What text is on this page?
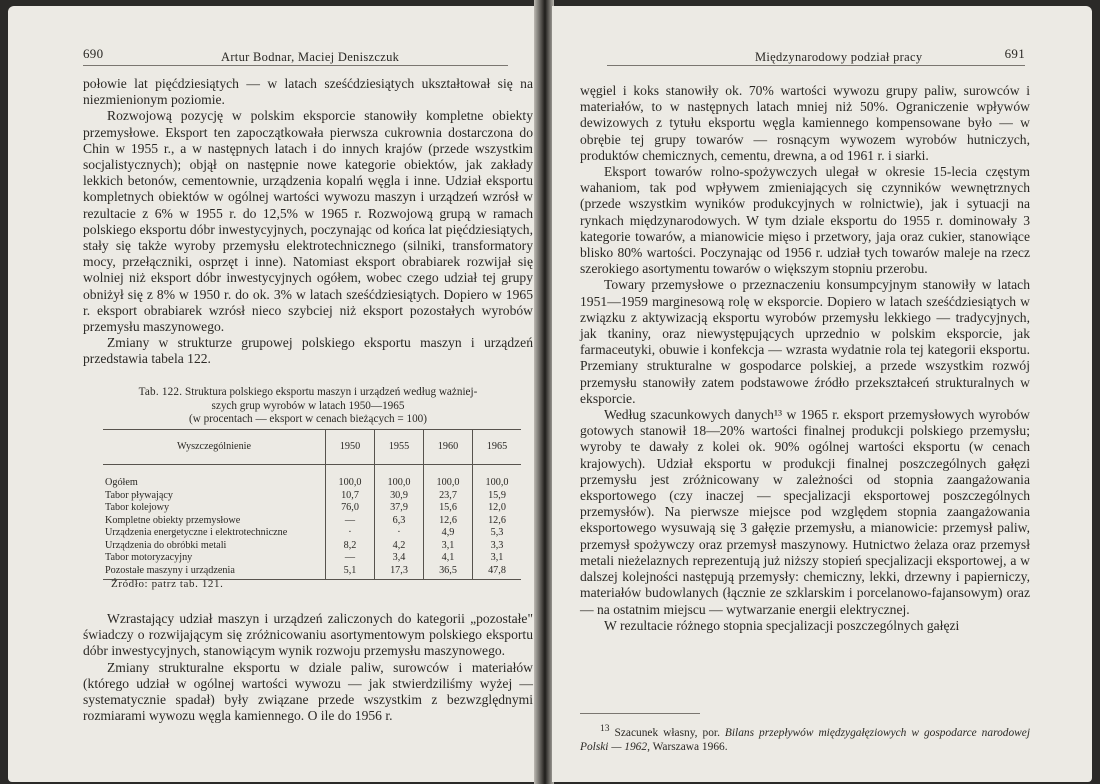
690	Artur Bodnar, Maciej Deniszczuk

połowie lat pięćdziesiątych — w latach sześćdziesiątych ukształtował się na niezmienionym poziomie.

Rozwojową pozycję w polskim eksporcie stanowiły kompletne obiekty przemysłowe. Eksport ten zapoczątkowała pierwsza cukrownia dostarczona do Chin w 1955 r., a w następnych latach i do innych krajów (przede wszystkim socjalistycznych); objął on następnie nowe kategorie obiektów, jak zakłady lekkich betonów, cementownie, urządzenia kopalń węgla i inne. Udział eksportu kompletnych obiektów w ogólnej wartości wywozu maszyn i urządzeń wzrósł w rezultacie z 6% w 1955 r. do 12,5% w 1965 r. Rozwojową grupą w ramach polskiego eksportu dóbr inwestycyjnych, poczynając od końca lat pięćdziesiątych, stały się także wyroby przemysłu elektrotechnicznego (silniki, transformatory mocy, przełączniki, osprzęt i inne). Natomiast eksport obrabiarek rozwijał się wolniej niż eksport dóbr inwestycyjnych ogółem, wobec czego udział tej grupy obniżył się z 8% w 1950 r. do ok. 3% w latach sześćdziesiątych. Dopiero w 1965 r. eksport obrabiarek wzrósł nieco szybciej niż eksport pozostałych wyrobów przemysłu maszynowego.

Zmiany w strukturze grupowej polskiego eksportu maszyn i urządzeń przedstawia tabela 122.

Tab. 122. Struktura polskiego eksportu maszyn i urządzeń według ważniej-
szych grup wyrobów w latach 1950—1965
(w procentach — eksport w cenach bieżących = 100)
Wyszczególnienie	1950	1955	1960	1965
Ogółem	100,0	100,0	100,0	100,0
Tabor pływający	10,7	30,9	23,7	15,9
Tabor kolejowy	76,0	37,9	15,6	12,0
Kompletne obiekty przemysłowe	—	6,3	12,6	12,6
Urządzenia energetyczne i elektrotechniczne	·	·	4,9	5,3
Urządzenia do obróbki metali	8,2	4,2	3,1	3,3
Tabor motoryzacyjny	—	3,4	4,1	3,1
Pozostałe maszyny i urządzenia	5,1	17,3	36,5	47,8
Źródło: patrz tab. 121.

Wzrastający udział maszyn i urządzeń zaliczonych do kategorii „pozostałe" świadczy o rozwijającym się zróżnicowaniu asortymentowym polskiego eksportu dóbr inwestycyjnych, stanowiącym wynik rozwoju przemysłu maszynowego.

Zmiany strukturalne eksportu w dziale paliw, surowców i materiałów (którego udział w ogólnej wartości wywozu — jak stwierdziliśmy wyżej — systematycznie spadał) były związane przede wszystkim z bezwzględnymi rozmiarami wywozu węgla kamiennego. O ile do 1956 r.

Międzynarodowy podział pracy	691

węgiel i koks stanowiły ok. 70% wartości wywozu grupy paliw, surowców i materiałów, to w następnych latach mniej niż 50%. Ograniczenie wpływów dewizowych z tytułu eksportu węgla kamiennego kompensowane było — w obrębie tej grupy towarów — rosnącym wywozem wyrobów hutniczych, produktów chemicznych, cementu, drewna, a od 1961 r. i siarki.

Eksport towarów rolno-spożywczych ulegał w okresie 15-lecia częstym wahaniom, tak pod wpływem zmieniających się czynników wewnętrznych (przede wszystkim wyników produkcyjnych w rolnictwie), jak i sytuacji na rynkach międzynarodowych. W tym dziale eksportu do 1955 r. dominowały 3 kategorie towarów, a mianowicie mięso i przetwory, jaja oraz cukier, stanowiące blisko 80% wartości. Poczynając od 1956 r. udział tych towarów maleje na rzecz szerokiego asortymentu towarów o większym stopniu przerobu.

Towary przemysłowe o przeznaczeniu konsumpcyjnym stanowiły w latach 1951—1959 marginesową rolę w eksporcie. Dopiero w latach sześćdziesiątych w związku z aktywizacją eksportu wyrobów przemysłu lekkiego — tradycyjnych, jak tkaniny, oraz niewystępujących uprzednio w polskim eksporcie, jak farmaceutyki, obuwie i konfekcja — wzrasta wydatnie rola tej kategorii eksportu. Przemiany strukturalne w gospodarce polskiej, a przede wszystkim rozwój przemysłu stanowiły zatem podstawowe źródło przekształceń strukturalnych w eksporcie.

Według szacunkowych danych¹³ w 1965 r. eksport przemysłowych wyrobów gotowych stanowił 18—20% wartości finalnej produkcji polskiego przemysłu; wyroby te dawały z kolei ok. 90% ogólnej wartości eksportu (w cenach krajowych). Udział eksportu w produkcji finalnej poszczególnych gałęzi przemysłu jest zróżnicowany w zależności od stopnia zaangażowania eksportowego (czy inaczej — specjalizacji eksportowej poszczególnych przemysłów). Na pierwsze miejsce pod względem stopnia zaangażowania eksportowego wysuwają się 3 gałęzie przemysłu, a mianowicie: przemysł paliw, przemysł spożywczy oraz przemysł maszynowy. Hutnictwo żelaza oraz przemysł metali nieżelaznych reprezentują już niższy stopień specjalizacji eksportowej, a w dalszej kolejności następują przemysły: chemiczny, lekki, drzewny i papierniczy, materiałów budowlanych (łącznie ze szklarskim i porcelanowo-fajansowym) oraz — na ostatnim miejscu — wytwarzanie energii elektrycznej.

W rezultacie różnego stopnia specjalizacji poszczególnych gałęzi

$^{13}$ Szacunek własny, por. Bilans przepływów międzygałęziowych w gospodarce narodowej Polski — 1962, Warszawa 1966.
